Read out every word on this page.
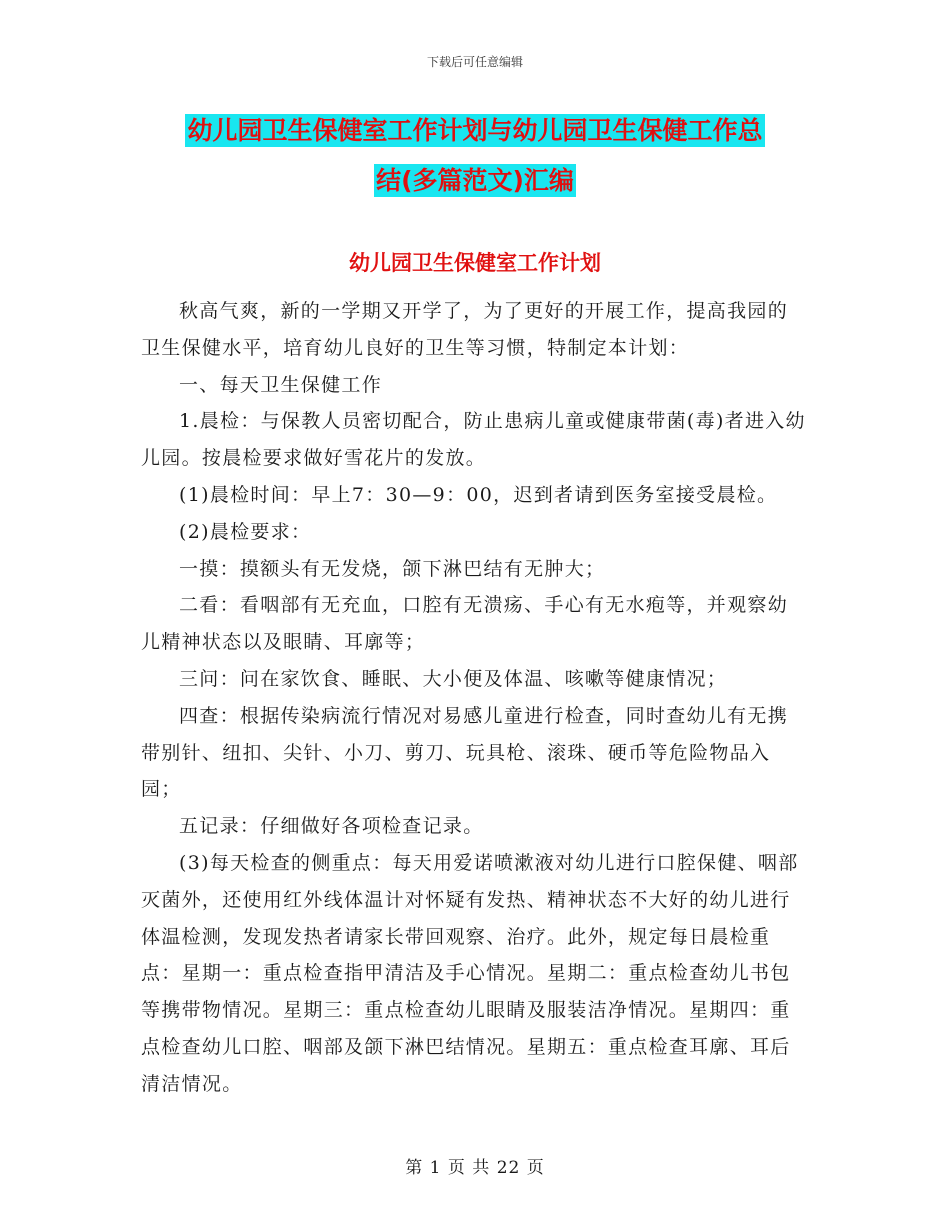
下载后可任意编辑
幼儿园卫生保健室工作计划与幼儿园卫生保健工作总
结(多篇范文)汇编
幼儿园卫生保健室工作计划

秋高气爽，新的一学期又开学了，为了更好的开展工作，提高我园的卫生保健水平，培育幼儿良好的卫生等习惯，特制定本计划：

一、每天卫生保健工作

1.晨检：与保教人员密切配合，防止患病儿童或健康带菌(毒)者进入幼儿园。按晨检要求做好雪花片的发放。

(1)晨检时间：早上7：30—9：00，迟到者请到医务室接受晨检。

(2)晨检要求：

一摸：摸额头有无发烧，颌下淋巴结有无肿大；

二看：看咽部有无充血，口腔有无溃疡、手心有无水疱等，并观察幼儿精神状态以及眼睛、耳廓等；

三问：问在家饮食、睡眠、大小便及体温、咳嗽等健康情况；

四查：根据传染病流行情况对易感儿童进行检查，同时查幼儿有无携带别针、纽扣、尖针、小刀、剪刀、玩具枪、滚珠、硬币等危险物品入园；

五记录：仔细做好各项检查记录。

(3)每天检查的侧重点：每天用爱诺喷漱液对幼儿进行口腔保健、咽部灭菌外，还使用红外线体温计对怀疑有发热、精神状态不大好的幼儿进行体温检测，发现发热者请家长带回观察、治疗。此外，规定每日晨检重点：星期一：重点检查指甲清洁及手心情况。星期二：重点检查幼儿书包等携带物情况。星期三：重点检查幼儿眼睛及服装洁净情况。星期四：重点检查幼儿口腔、咽部及颌下淋巴结情况。星期五：重点检查耳廓、耳后清洁情况。

第 1 页 共 22 页
